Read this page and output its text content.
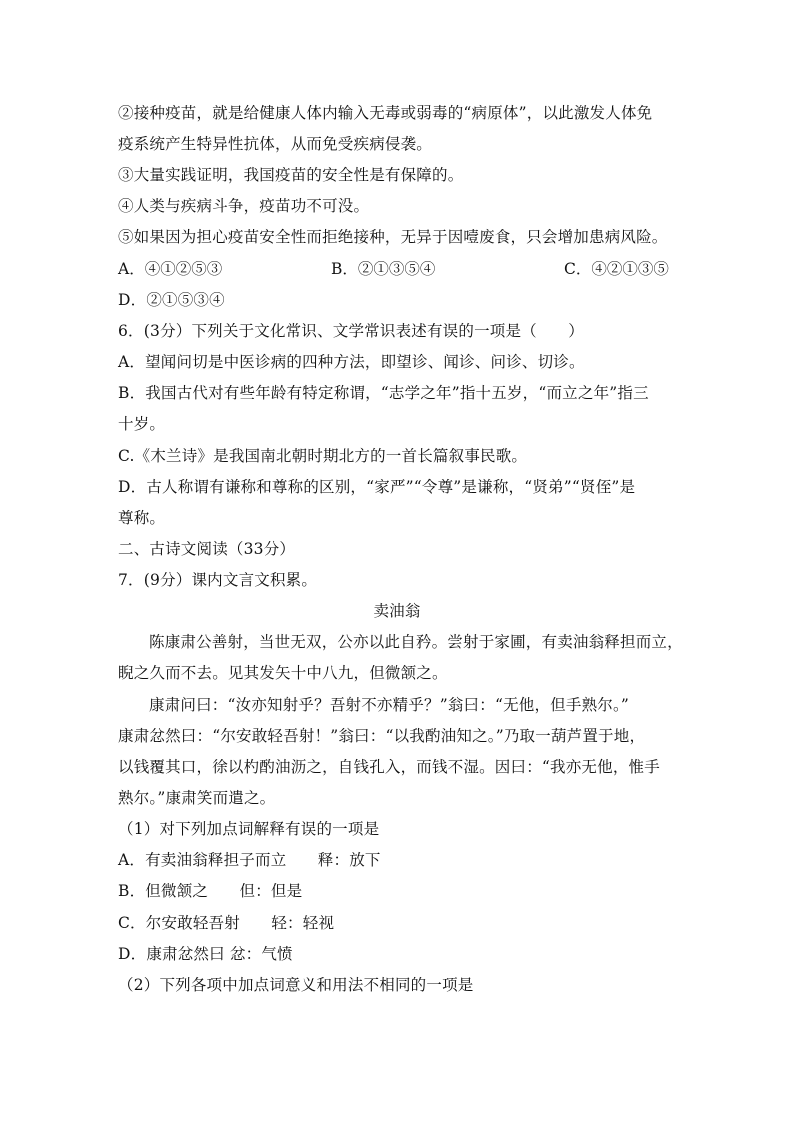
②接种疫苗，就是给健康人体内输入无毒或弱毒的“病原体”，以此激发人体免
疫系统产生特异性抗体，从而免受疾病侵袭。
③大量实践证明，我国疫苗的安全性是有保障的。
④人类与疾病斗争，疫苗功不可没。
⑤如果因为担心疫苗安全性而拒绝接种，无异于因噎废食，只会增加患病风险。
A．④①②⑤③	B．②①③⑤④	C．④②①③⑤
D．②①⑤③④
6．(3分）下列关于文化常识、文学常识表述有误的一项是（　　）
A．望闻问切是中医诊病的四种方法，即望诊、闻诊、问诊、切诊。
B．我国古代对有些年龄有特定称谓，“志学之年”指十五岁，“而立之年”指三
十岁。
C.《木兰诗》是我国南北朝时期北方的一首长篇叙事民歌。
D．古人称谓有谦称和尊称的区别，“家严”“令尊”是谦称，“贤弟”“贤侄”是
尊称。
二、古诗文阅读（33分）
7．(9分）课内文言文积累。
卖油翁
陈康肃公善射，当世无双，公亦以此自矜。尝射于家圃，有卖油翁释担而立，
睨之久而不去。见其发矢十中八九，但微颔之。
康肃问曰：“汝亦知射乎？吾射不亦精乎？”翁曰：“无他，但手熟尔。”
康肃忿然曰：“尔安敢轻吾射！”翁曰：“以我酌油知之。”乃取一葫芦置于地，
以钱覆其口，徐以杓酌油沥之，自钱孔入，而钱不湿。因曰：“我亦无他，惟手
熟尔。”康肃笑而遣之。
（1）对下列加点词解释有误的一项是
A．有卖油翁释担子而立　　释：放下
B．但微颔之　　但：但是
C．尔安敢轻吾射　　轻：轻视
D．康肃忿然曰 忿：气愤
（2）下列各项中加点词意义和用法不相同的一项是
